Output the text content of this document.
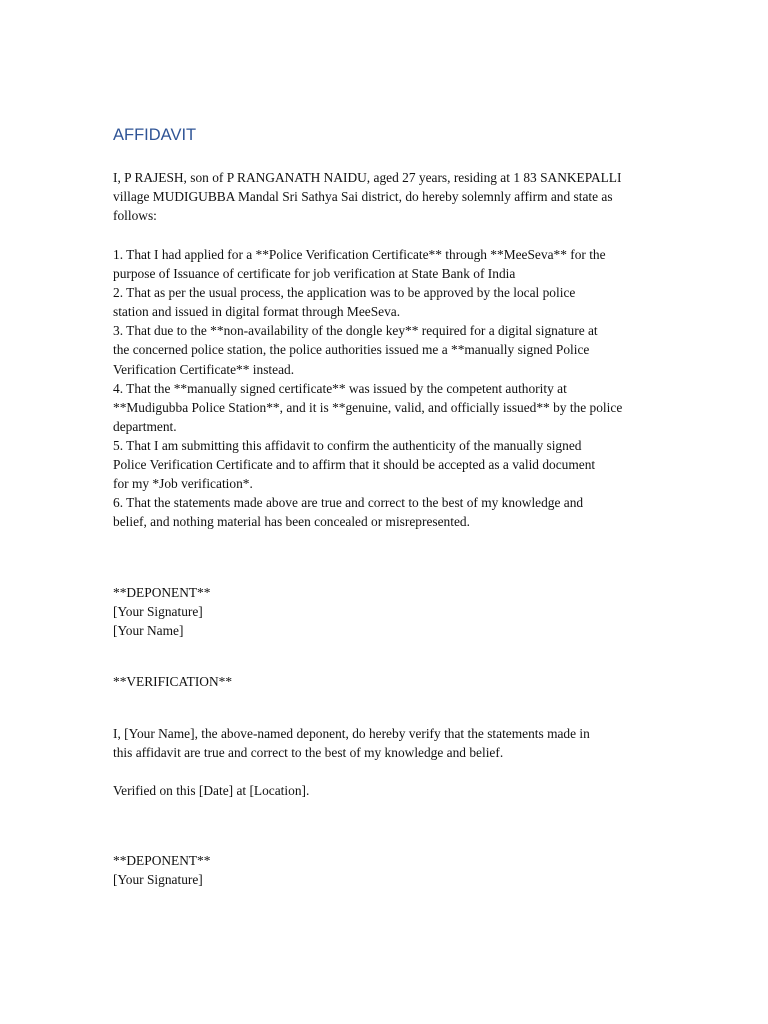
AFFIDAVIT

I, P RAJESH, son of P RANGANATH NAIDU, aged 27 years, residing at 1 83 SANKEPALLI
village MUDIGUBBA Mandal Sri Sathya Sai district, do hereby solemnly affirm and state as
follows:

1. That I had applied for a **Police Verification Certificate** through **MeeSeva** for the
purpose of Issuance of certificate for job verification at State Bank of India
2. That as per the usual process, the application was to be approved by the local police
station and issued in digital format through MeeSeva.
3. That due to the **non-availability of the dongle key** required for a digital signature at
the concerned police station, the police authorities issued me a **manually signed Police
Verification Certificate** instead.
4. That the **manually signed certificate** was issued by the competent authority at
**Mudigubba Police Station**, and it is **genuine, valid, and officially issued** by the police
department.
5. That I am submitting this affidavit to confirm the authenticity of the manually signed
Police Verification Certificate and to affirm that it should be accepted as a valid document
for my *Job verification*.
6. That the statements made above are true and correct to the best of my knowledge and
belief, and nothing material has been concealed or misrepresented.
**DEPONENT**
[Your Signature]
[Your Name]

**VERIFICATION**

I, [Your Name], the above-named deponent, do hereby verify that the statements made in
this affidavit are true and correct to the best of my knowledge and belief.

Verified on this [Date] at [Location].

**DEPONENT**
[Your Signature]
